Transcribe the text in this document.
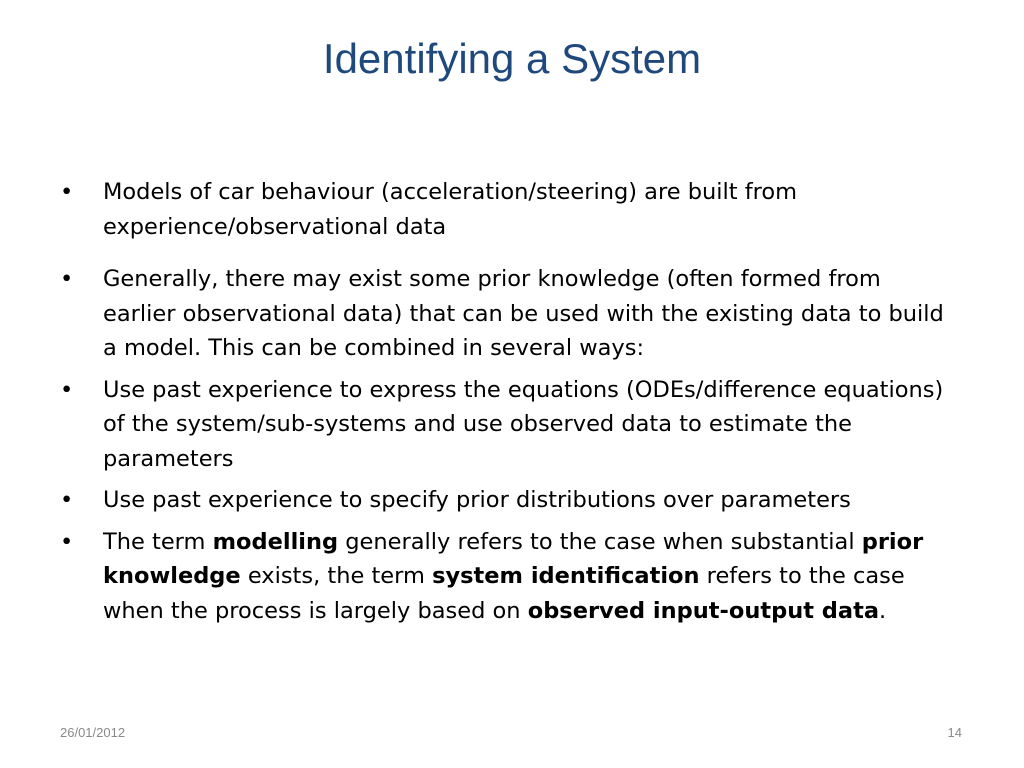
Identifying a System
•	Models of car behaviour (acceleration/steering) are built from experience/observational data
•	Generally, there may exist some prior knowledge (often formed from earlier observational data) that can be used with the existing data to build a model. This can be combined in several ways:
•	Use past experience to express the equations (ODEs/difference equations) of the system/sub-systems and use observed data to estimate the parameters
•	Use past experience to specify prior distributions over parameters
•	The term modelling generally refers to the case when substantial prior knowledge exists, the term system identification refers to the case when the process is largely based on observed input-output data.
26/01/2012	14
